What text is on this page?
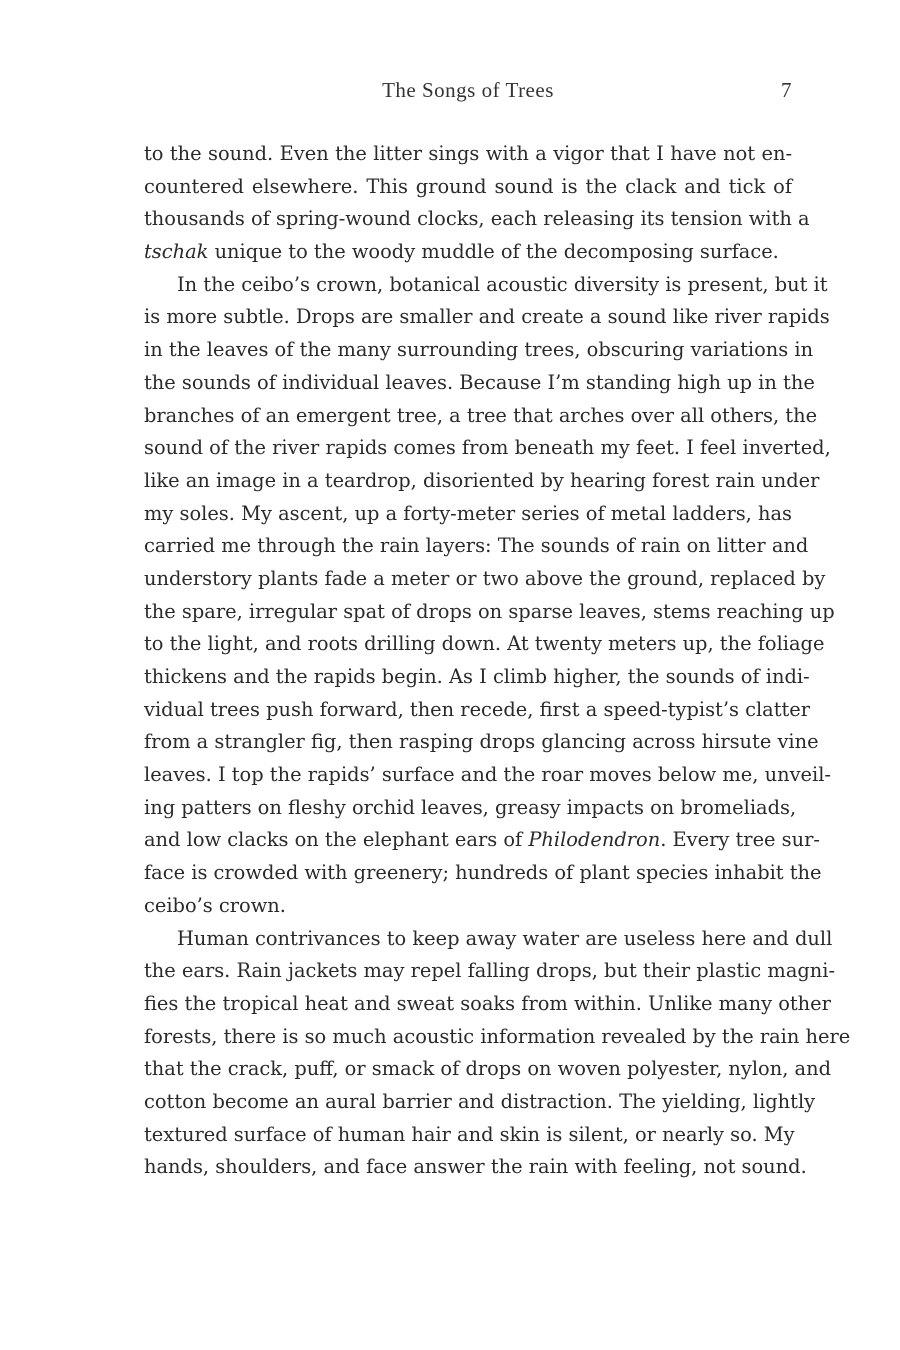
The Songs of Trees	7
to the sound. Even the litter sings with a vigor that I have not en-
countered elsewhere. This ground sound is the clack and tick of
thousands of spring-wound clocks, each releasing its tension with a
tschak unique to the woody muddle of the decomposing surface.
In the ceibo’s crown, botanical acoustic diversity is present, but it
is more subtle. Drops are smaller and create a sound like river rapids
in the leaves of the many surrounding trees, obscuring variations in
the sounds of individual leaves. Because I’m standing high up in the
branches of an emergent tree, a tree that arches over all others, the
sound of the river rapids comes from beneath my feet. I feel inverted,
like an image in a teardrop, disoriented by hearing forest rain under
my soles. My ascent, up a forty-meter series of metal ladders, has
carried me through the rain layers: The sounds of rain on litter and
understory plants fade a meter or two above the ground, replaced by
the spare, irregular spat of drops on sparse leaves, stems reaching up
to the light, and roots drilling down. At twenty meters up, the foliage
thickens and the rapids begin. As I climb higher, the sounds of indi-
vidual trees push forward, then recede, first a speed-typist’s clatter
from a strangler fig, then rasping drops glancing across hirsute vine
leaves. I top the rapids’ surface and the roar moves below me, unveil-
ing patters on fleshy orchid leaves, greasy impacts on bromeliads,
and low clacks on the elephant ears of Philodendron. Every tree sur-
face is crowded with greenery; hundreds of plant species inhabit the
ceibo’s crown.
Human contrivances to keep away water are useless here and dull
the ears. Rain jackets may repel falling drops, but their plastic magni-
fies the tropical heat and sweat soaks from within. Unlike many other
forests, there is so much acoustic information revealed by the rain here
that the crack, puff, or smack of drops on woven polyester, nylon, and
cotton become an aural barrier and distraction. The yielding, lightly
textured surface of human hair and skin is silent, or nearly so. My
hands, shoulders, and face answer the rain with feeling, not sound.
